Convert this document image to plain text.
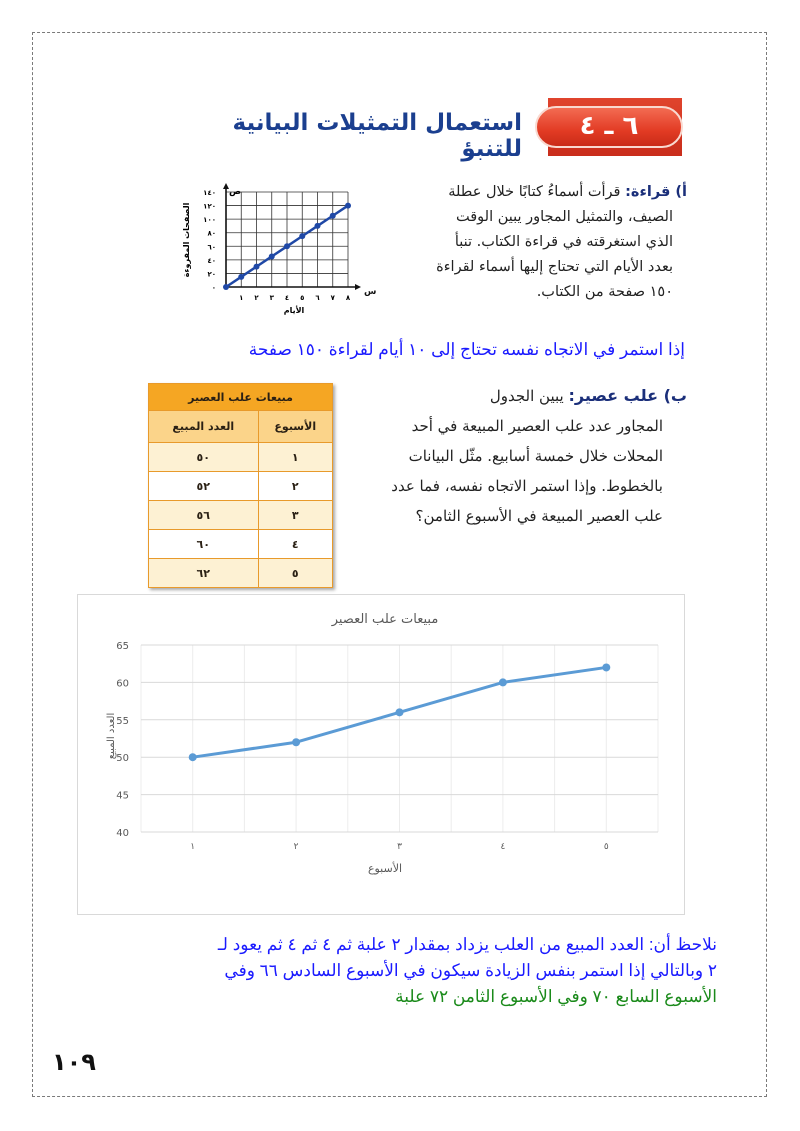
٦ ـ ٤
استعمال التمثيلات البيانية للتنبؤ
أ) قراءة: قرأت أسماءُ كتابًا خلال عطلة
الصيف، والتمثيل المجاور يبين الوقت
الذي استغرقته في قراءة الكتاب. تنبأ
بعدد الأيام التي تحتاج إليها أسماء لقراءة
١٥٠ صفحة من الكتاب.
٠
٢٠
٤٠
٦٠
٨٠
١٠٠
١٢٠
١٤٠
١ ٢ ٣ ٤ ٥ ٦ ٧ ٨
س
ص
الأيام
الصفحات المقروءة
إذا استمر في الاتجاه نفسه تحتاج إلى ١٠ أيام لقراءة ١٥٠ صفحة
ب) علب عصير: يبين الجدول
المجاور عدد علب العصير المبيعة في أحد
المحلات خلال خمسة أسابيع. مثّل البيانات
بالخطوط. وإذا استمر الاتجاه نفسه، فما عدد
علب العصير المبيعة في الأسبوع الثامن؟
مبيعات علب العصير	
الأسبوع	العدد المبيع
١	٥٠
٢	٥٢
٣	٥٦
٤	٦٠
٥	٦٢
مبيعات علب العصير
40
45
50
55
60
65
١	٢	٣	٤	٥
الأسبوع
العدد المبيع
نلاحظ أن: العدد المبيع من العلب يزداد بمقدار ٢ علبة ثم ٤ ثم ٤ ثم يعود لـ
٢ وبالتالي إذا استمر بنفس الزيادة سيكون في الأسبوع السادس ٦٦ وفي
الأسبوع السابع ٧٠ وفي الأسبوع الثامن ٧٢ علبة
١٠٩
